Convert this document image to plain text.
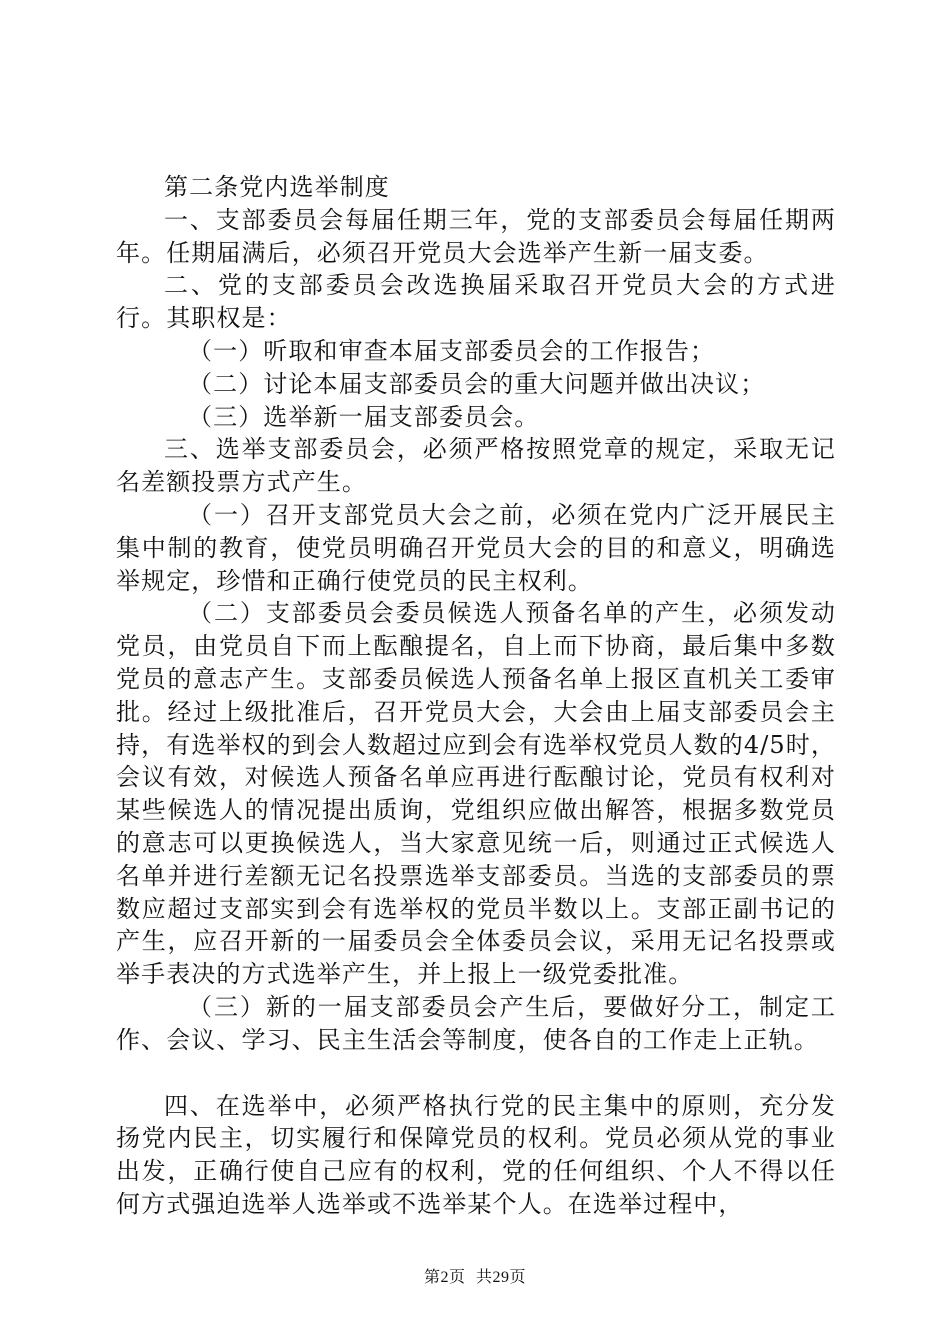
第二条党内选举制度

一、支部委员会每届任期三年，党的支部委员会每届任期两年。任期届满后，必须召开党员大会选举产生新一届支委。

二、党的支部委员会改选换届采取召开党员大会的方式进行。其职权是：

（一）听取和审查本届支部委员会的工作报告；

（二）讨论本届支部委员会的重大问题并做出决议；

（三）选举新一届支部委员会。

三、选举支部委员会，必须严格按照党章的规定，采取无记名差额投票方式产生。

（一）召开支部党员大会之前，必须在党内广泛开展民主集中制的教育，使党员明确召开党员大会的目的和意义，明确选举规定，珍惜和正确行使党员的民主权利。

（二）支部委员会委员候选人预备名单的产生，必须发动党员，由党员自下而上酝酿提名，自上而下协商，最后集中多数党员的意志产生。支部委员候选人预备名单上报区直机关工委审批。经过上级批准后，召开党员大会，大会由上届支部委员会主持，有选举权的到会人数超过应到会有选举权党员人数的4/5时，会议有效，对候选人预备名单应再进行酝酿讨论，党员有权利对某些候选人的情况提出质询，党组织应做出解答，根据多数党员的意志可以更换候选人，当大家意见统一后，则通过正式候选人名单并进行差额无记名投票选举支部委员。当选的支部委员的票数应超过支部实到会有选举权的党员半数以上。支部正副书记的产生，应召开新的一届委员会全体委员会议，采用无记名投票或举手表决的方式选举产生，并上报上一级党委批准。

（三）新的一届支部委员会产生后，要做好分工，制定工作、会议、学习、民主生活会等制度，使各自的工作走上正轨。

四、在选举中，必须严格执行党的民主集中的原则，充分发扬党内民主，切实履行和保障党员的权利。党员必须从党的事业出发，正确行使自己应有的权利，党的任何组织、个人不得以任何方式强迫选举人选举或不选举某个人。在选举过程中，

第2页 共29页
